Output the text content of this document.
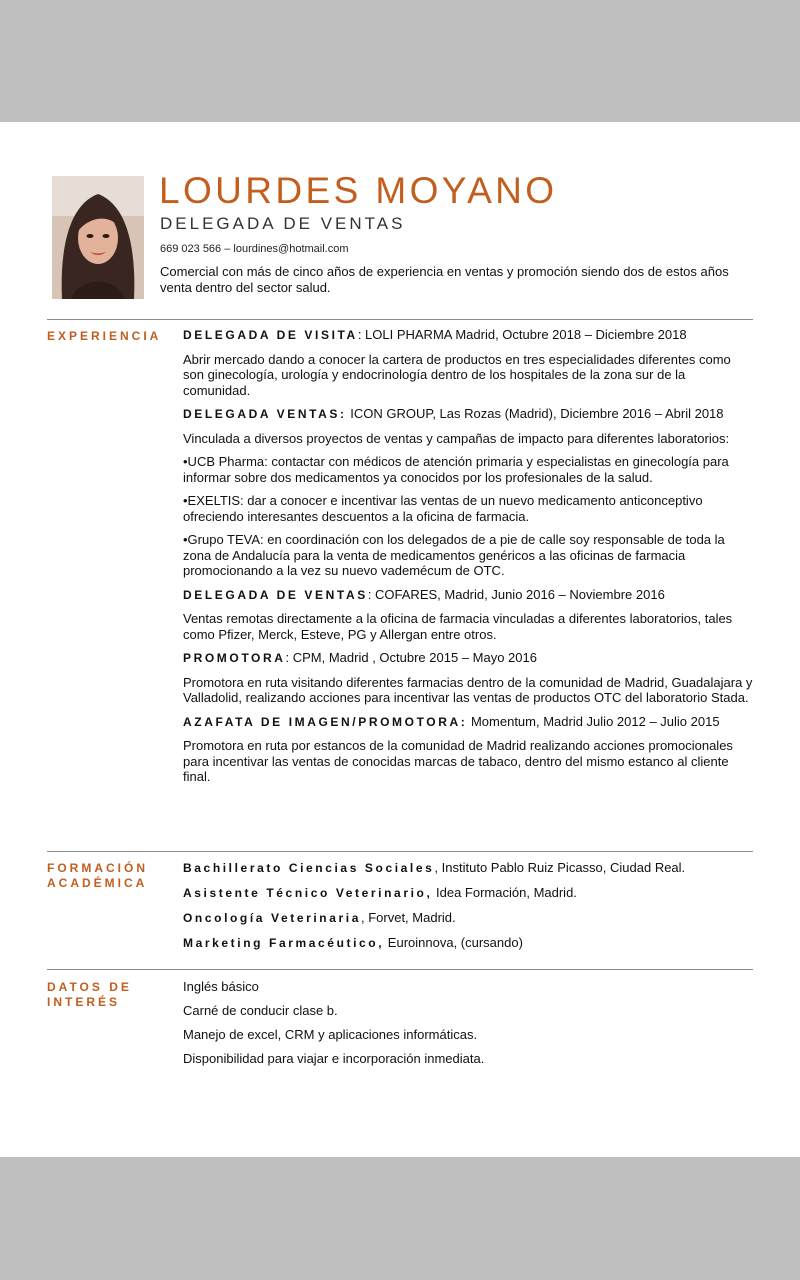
LOURDES MOYANO
DELEGADA DE VENTAS
669 023 566 – lourdines@hotmail.com
Comercial con más de cinco años de experiencia en ventas y promoción siendo dos de estos años venta dentro del sector salud.
EXPERIENCIA DELEGADA DE VISITA: LOLI PHARMA Madrid, Octubre 2018 – Diciembre 2018
Abrir mercado dando a conocer la cartera de productos en tres especialidades diferentes como son ginecología, urología y endocrinología dentro de los hospitales de la zona sur de la comunidad.
DELEGADA VENTAS: ICON GROUP, Las Rozas (Madrid), Diciembre 2016 – Abril 2018
Vinculada a diversos proyectos de ventas y campañas de impacto para diferentes laboratorios:
•UCB Pharma: contactar con médicos de atención primaria y especialistas en ginecología para informar sobre dos medicamentos ya conocidos por los profesionales de la salud.
•EXELTIS: dar a conocer e incentivar las ventas de un nuevo medicamento anticonceptivo ofreciendo interesantes descuentos a la oficina de farmacia.
•Grupo TEVA: en coordinación con los delegados de a pie de calle soy responsable de toda la zona de Andalucía para la venta de medicamentos genéricos a las oficinas de farmacia promocionando a la vez su nuevo vademécum de OTC.
DELEGADA DE VENTAS: COFARES, Madrid, Junio 2016 – Noviembre 2016
Ventas remotas directamente a la oficina de farmacia vinculadas a diferentes laboratorios, tales como Pfizer, Merck, Esteve, PG y Allergan entre otros.
PROMOTORA: CPM, Madrid , Octubre 2015 – Mayo 2016
Promotora en ruta visitando diferentes farmacias dentro de la comunidad de Madrid, Guadalajara y Valladolid, realizando acciones para incentivar las ventas de productos OTC del laboratorio Stada.
AZAFATA DE IMAGEN/PROMOTORA: Momentum, Madrid Julio 2012 – Julio 2015
Promotora en ruta por estancos de la comunidad de Madrid realizando acciones promocionales para incentivar las ventas de conocidas marcas de tabaco, dentro del mismo estanco al cliente final.
FORMACIÓN
ACADÉMICA
Bachillerato Ciencias Sociales, Instituto Pablo Ruiz Picasso, Ciudad Real.
Asistente Técnico Veterinario, Idea Formación, Madrid.
Oncología Veterinaria, Forvet, Madrid.
Marketing Farmacéutico, Euroinnova, (cursando)
DATOS DE
INTERÉS
Inglés básico
Carné de conducir clase b.
Manejo de excel, CRM y aplicaciones informáticas.
Disponibilidad para viajar e incorporación inmediata.
